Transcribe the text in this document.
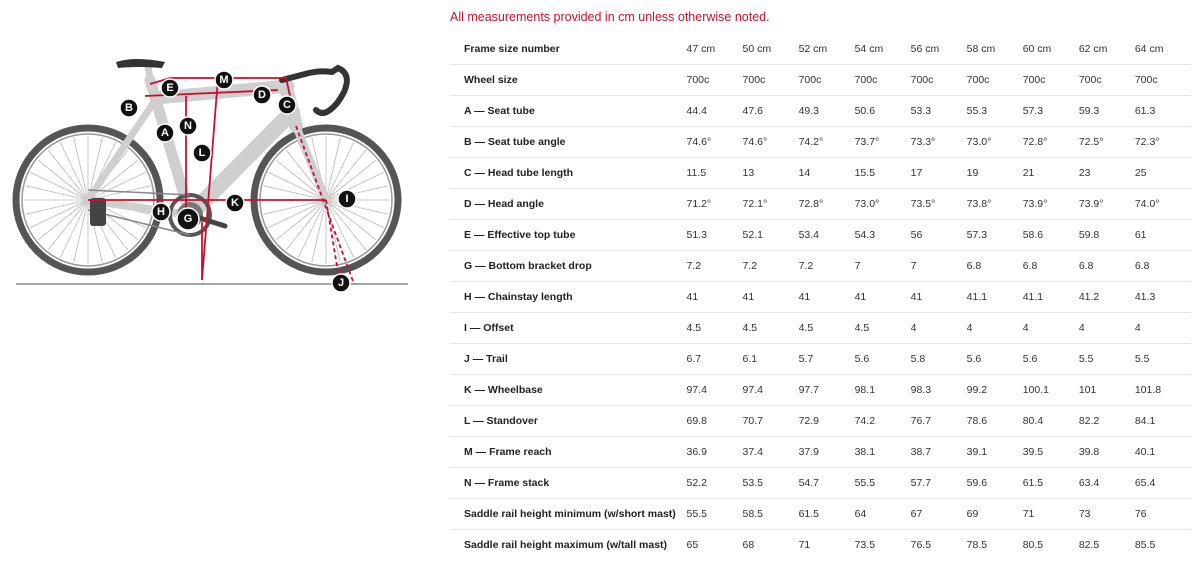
A
B	C
D
E
G
H
I
J
K
L
M
N
All measurements provided in cm unless otherwise noted.
Frame size number	47 cm	50 cm	52 cm	54 cm	56 cm	58 cm	60 cm	62 cm	64 cm
Wheel size	700c	700c	700c	700c	700c	700c	700c	700c	700c
A — Seat tube	44.4	47.6	49.3	50.6	53.3	55.3	57.3	59.3	61.3
B — Seat tube angle	74.6°	74.6°	74.2°	73.7°	73.3°	73.0°	72.8°	72.5°	72.3°
C — Head tube length	11.5	13	14	15.5	17	19	21	23	25
D — Head angle	71.2°	72.1°	72.8°	73.0°	73.5°	73.8°	73.9°	73.9°	74.0°
E — Effective top tube	51.3	52.1	53.4	54.3	56	57.3	58.6	59.8	61
G — Bottom bracket drop	7.2	7.2	7.2	7	7	6.8	6.8	6.8	6.8
H — Chainstay length	41	41	41	41	41	41.1	41.1	41.2	41.3
I — Offset	4.5	4.5	4.5	4.5	4	4	4	4	4
J — Trail	6.7	6.1	5.7	5.6	5.8	5.6	5.6	5.5	5.5
K — Wheelbase	97.4	97.4	97.7	98.1	98.3	99.2	100.1	101	101.8
L — Standover	69.8	70.7	72.9	74.2	76.7	78.6	80.4	82.2	84.1
M — Frame reach	36.9	37.4	37.9	38.1	38.7	39.1	39.5	39.8	40.1
N — Frame stack	52.2	53.5	54.7	55.5	57.7	59.6	61.5	63.4	65.4
Saddle rail height minimum (w/short mast)	55.5	58.5	61.5	64	67	69	71	73	76
Saddle rail height maximum (w/tall mast)	65	68	71	73.5	76.5	78.5	80.5	82.5	85.5
